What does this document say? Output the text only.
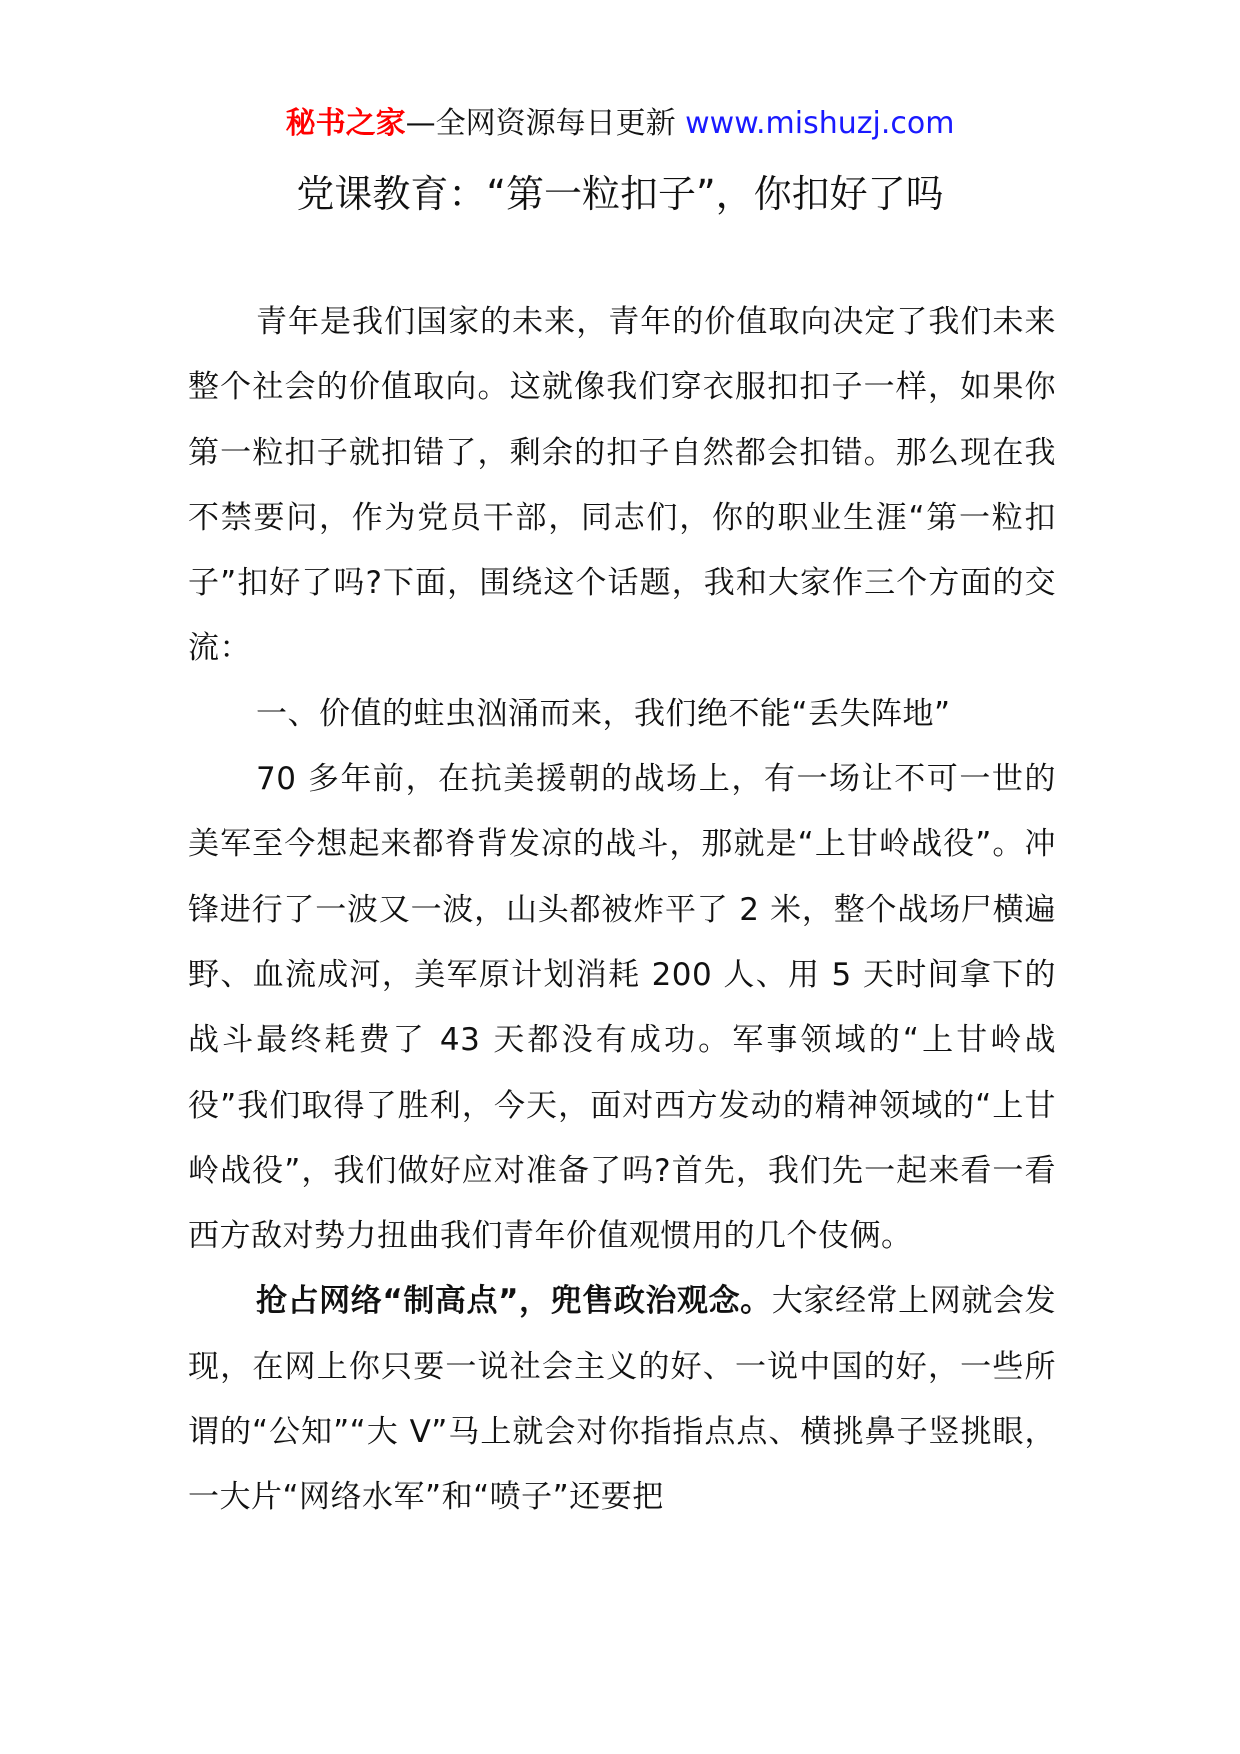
秘书之家—全网资源每日更新 www.mishuzj.com
党课教育：“第一粒扣子”，你扣好了吗

青年是我们国家的未来，青年的价值取向决定了我们未来整个社会的价值取向。这就像我们穿衣服扣扣子一样，如果你第一粒扣子就扣错了，剩余的扣子自然都会扣错。那么现在我不禁要问，作为党员干部，同志们，你的职业生涯“第一粒扣子”扣好了吗?下面，围绕这个话题，我和大家作三个方面的交流：

一、价值的蛀虫汹涌而来，我们绝不能“丢失阵地”

70 多年前，在抗美援朝的战场上，有一场让不可一世的美军至今想起来都脊背发凉的战斗，那就是“上甘岭战役”。冲锋进行了一波又一波，山头都被炸平了 2 米，整个战场尸横遍野、血流成河，美军原计划消耗 200 人、用 5 天时间拿下的战斗最终耗费了 43 天都没有成功。军事领域的“上甘岭战役”我们取得了胜利，今天，面对西方发动的精神领域的“上甘岭战役”，我们做好应对准备了吗?首先，我们先一起来看一看西方敌对势力扭曲我们青年价值观惯用的几个伎俩。

抢占网络“制高点”，兜售政治观念。大家经常上网就会发现，在网上你只要一说社会主义的好、一说中国的好，一些所谓的“公知”“大 V”马上就会对你指指点点、横挑鼻子竖挑眼，一大片“网络水军”和“喷子”还要把
